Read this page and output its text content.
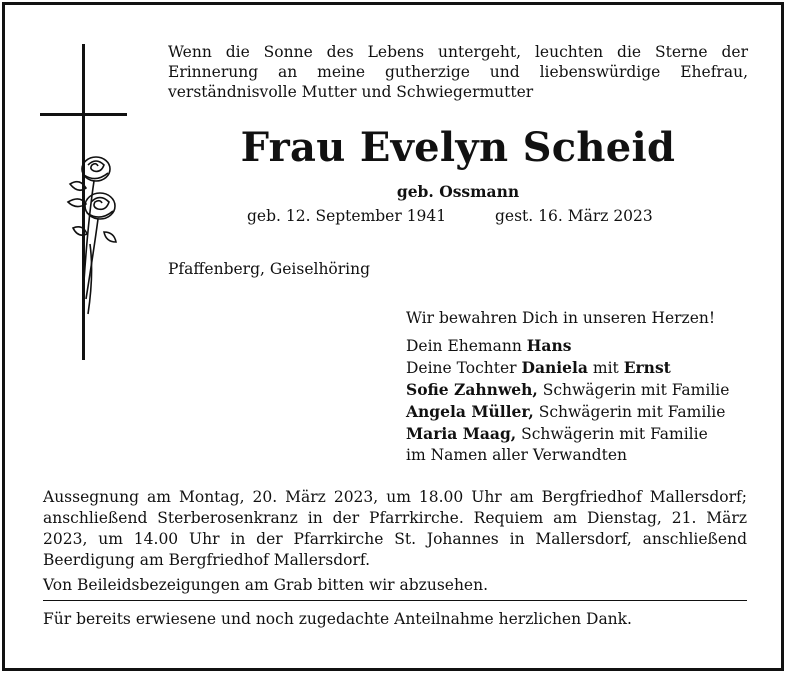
Wenn die Sonne des Lebens untergeht, leuchten die Sterne der Erinnerung an meine gutherzige und liebenswürdige Ehefrau, verständnisvolle Mutter und Schwiegermutter
Frau Evelyn Scheid
geb. Ossmann
geb. 12. September 1941	gest. 16. März 2023
Pfaffenberg, Geiselhöring
Wir bewahren Dich in unseren Herzen!
Dein Ehemann Hans
Deine Tochter Daniela mit Ernst
Sofie Zahnweh, Schwägerin mit Familie
Angela Müller, Schwägerin mit Familie
Maria Maag, Schwägerin mit Familie
im Namen aller Verwandten
Aussegnung am Montag, 20. März 2023, um 18.00 Uhr am Bergfriedhof Mallersdorf; anschließend Sterberosenkranz in der Pfarrkirche. Requiem am Dienstag, 21. März 2023, um 14.00 Uhr in der Pfarrkirche St. Johannes in Mallersdorf, anschließend Beerdigung am Bergfriedhof Mallersdorf.
Von Beileidsbezeigungen am Grab bitten wir abzusehen.
Für bereits erwiesene und noch zugedachte Anteilnahme herzlichen Dank.
